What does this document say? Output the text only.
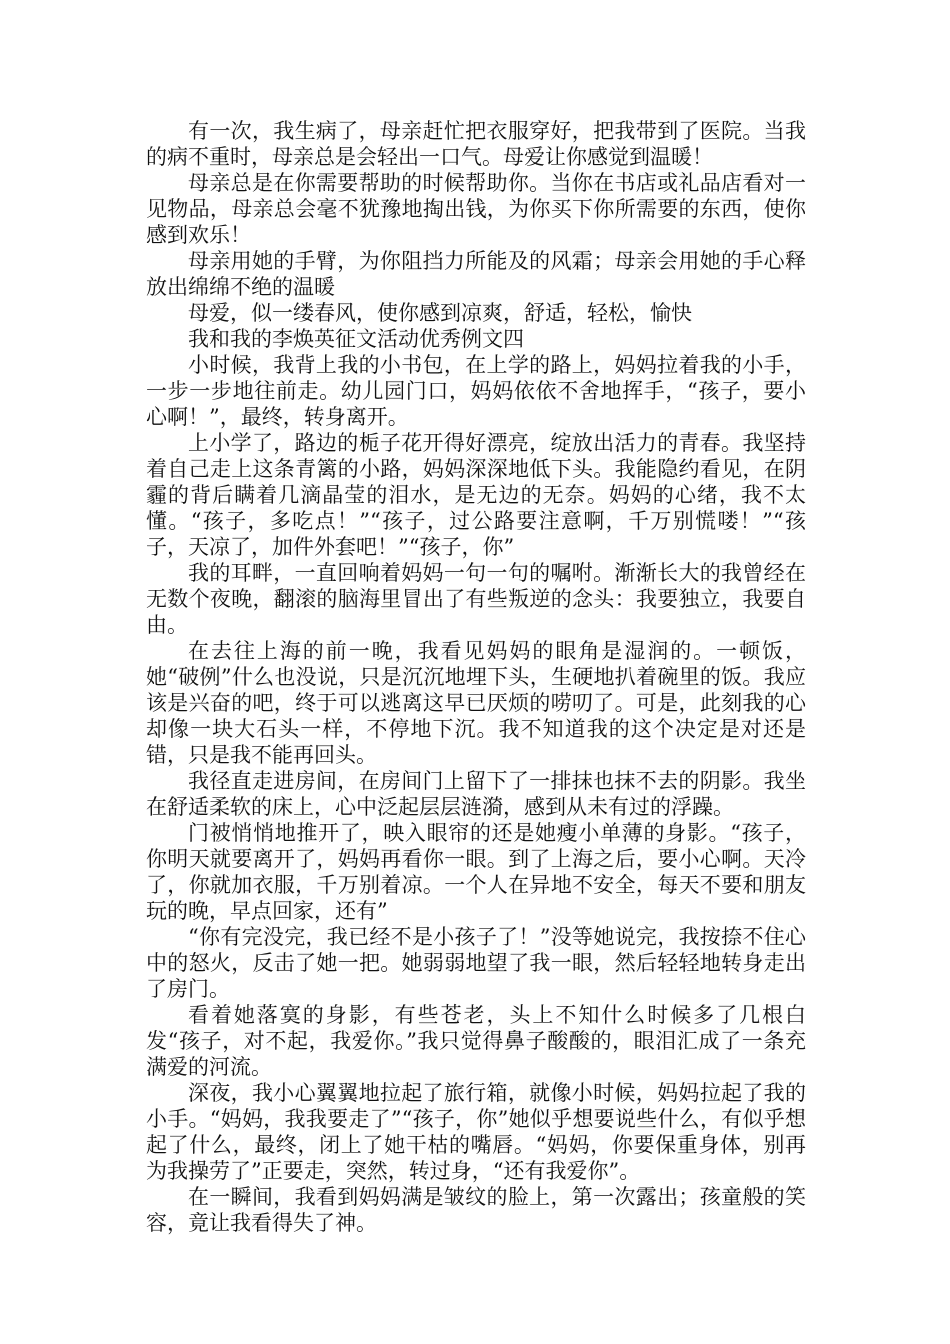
有一次，我生病了，母亲赶忙把衣服穿好，把我带到了医院。当我的病不重时，母亲总是会轻出一口气。母爱让你感觉到温暖！

母亲总是在你需要帮助的时候帮助你。当你在书店或礼品店看对一见物品，母亲总会毫不犹豫地掏出钱，为你买下你所需要的东西，使你感到欢乐！

母亲用她的手臂，为你阻挡力所能及的风霜；母亲会用她的手心释放出绵绵不绝的温暖

母爱，似一缕春风，使你感到凉爽，舒适，轻松，愉快

我和我的李焕英征文活动优秀例文四

小时候，我背上我的小书包，在上学的路上，妈妈拉着我的小手，一步一步地往前走。幼儿园门口，妈妈依依不舍地挥手，“孩子，要小心啊！”，最终，转身离开。

上小学了，路边的栀子花开得好漂亮，绽放出活力的青春。我坚持着自己走上这条青篱的小路，妈妈深深地低下头。我能隐约看见，在阴霾的背后瞒着几滴晶莹的泪水，是无边的无奈。妈妈的心绪，我不太懂。“孩子，多吃点！”“孩子，过公路要注意啊，千万别慌喽！”“孩子，天凉了，加件外套吧！”“孩子，你”

我的耳畔，一直回响着妈妈一句一句的嘱咐。渐渐长大的我曾经在无数个夜晚，翻滚的脑海里冒出了有些叛逆的念头：我要独立，我要自由。

在去往上海的前一晚，我看见妈妈的眼角是湿润的。一顿饭，她“破例”什么也没说，只是沉沉地埋下头，生硬地扒着碗里的饭。我应该是兴奋的吧，终于可以逃离这早已厌烦的唠叨了。可是，此刻我的心却像一块大石头一样，不停地下沉。我不知道我的这个决定是对还是错，只是我不能再回头。

我径直走进房间，在房间门上留下了一排抹也抹不去的阴影。我坐在舒适柔软的床上，心中泛起层层涟漪，感到从未有过的浮躁。

门被悄悄地推开了，映入眼帘的还是她瘦小单薄的身影。“孩子，你明天就要离开了，妈妈再看你一眼。到了上海之后，要小心啊。天冷了，你就加衣服，千万别着凉。一个人在异地不安全，每天不要和朋友玩的晚，早点回家，还有”

“你有完没完，我已经不是小孩子了！”没等她说完，我按捺不住心中的怒火，反击了她一把。她弱弱地望了我一眼，然后轻轻地转身走出了房门。

看着她落寞的身影，有些苍老，头上不知什么时候多了几根白发“孩子，对不起，我爱你。”我只觉得鼻子酸酸的，眼泪汇成了一条充满爱的河流。

深夜，我小心翼翼地拉起了旅行箱，就像小时候，妈妈拉起了我的小手。“妈妈，我我要走了”“孩子，你”她似乎想要说些什么，有似乎想起了什么，最终，闭上了她干枯的嘴唇。“妈妈，你要保重身体，别再为我操劳了”正要走，突然，转过身，“还有我爱你”。

在一瞬间，我看到妈妈满是皱纹的脸上，第一次露出；孩童般的笑容，竟让我看得失了神。
